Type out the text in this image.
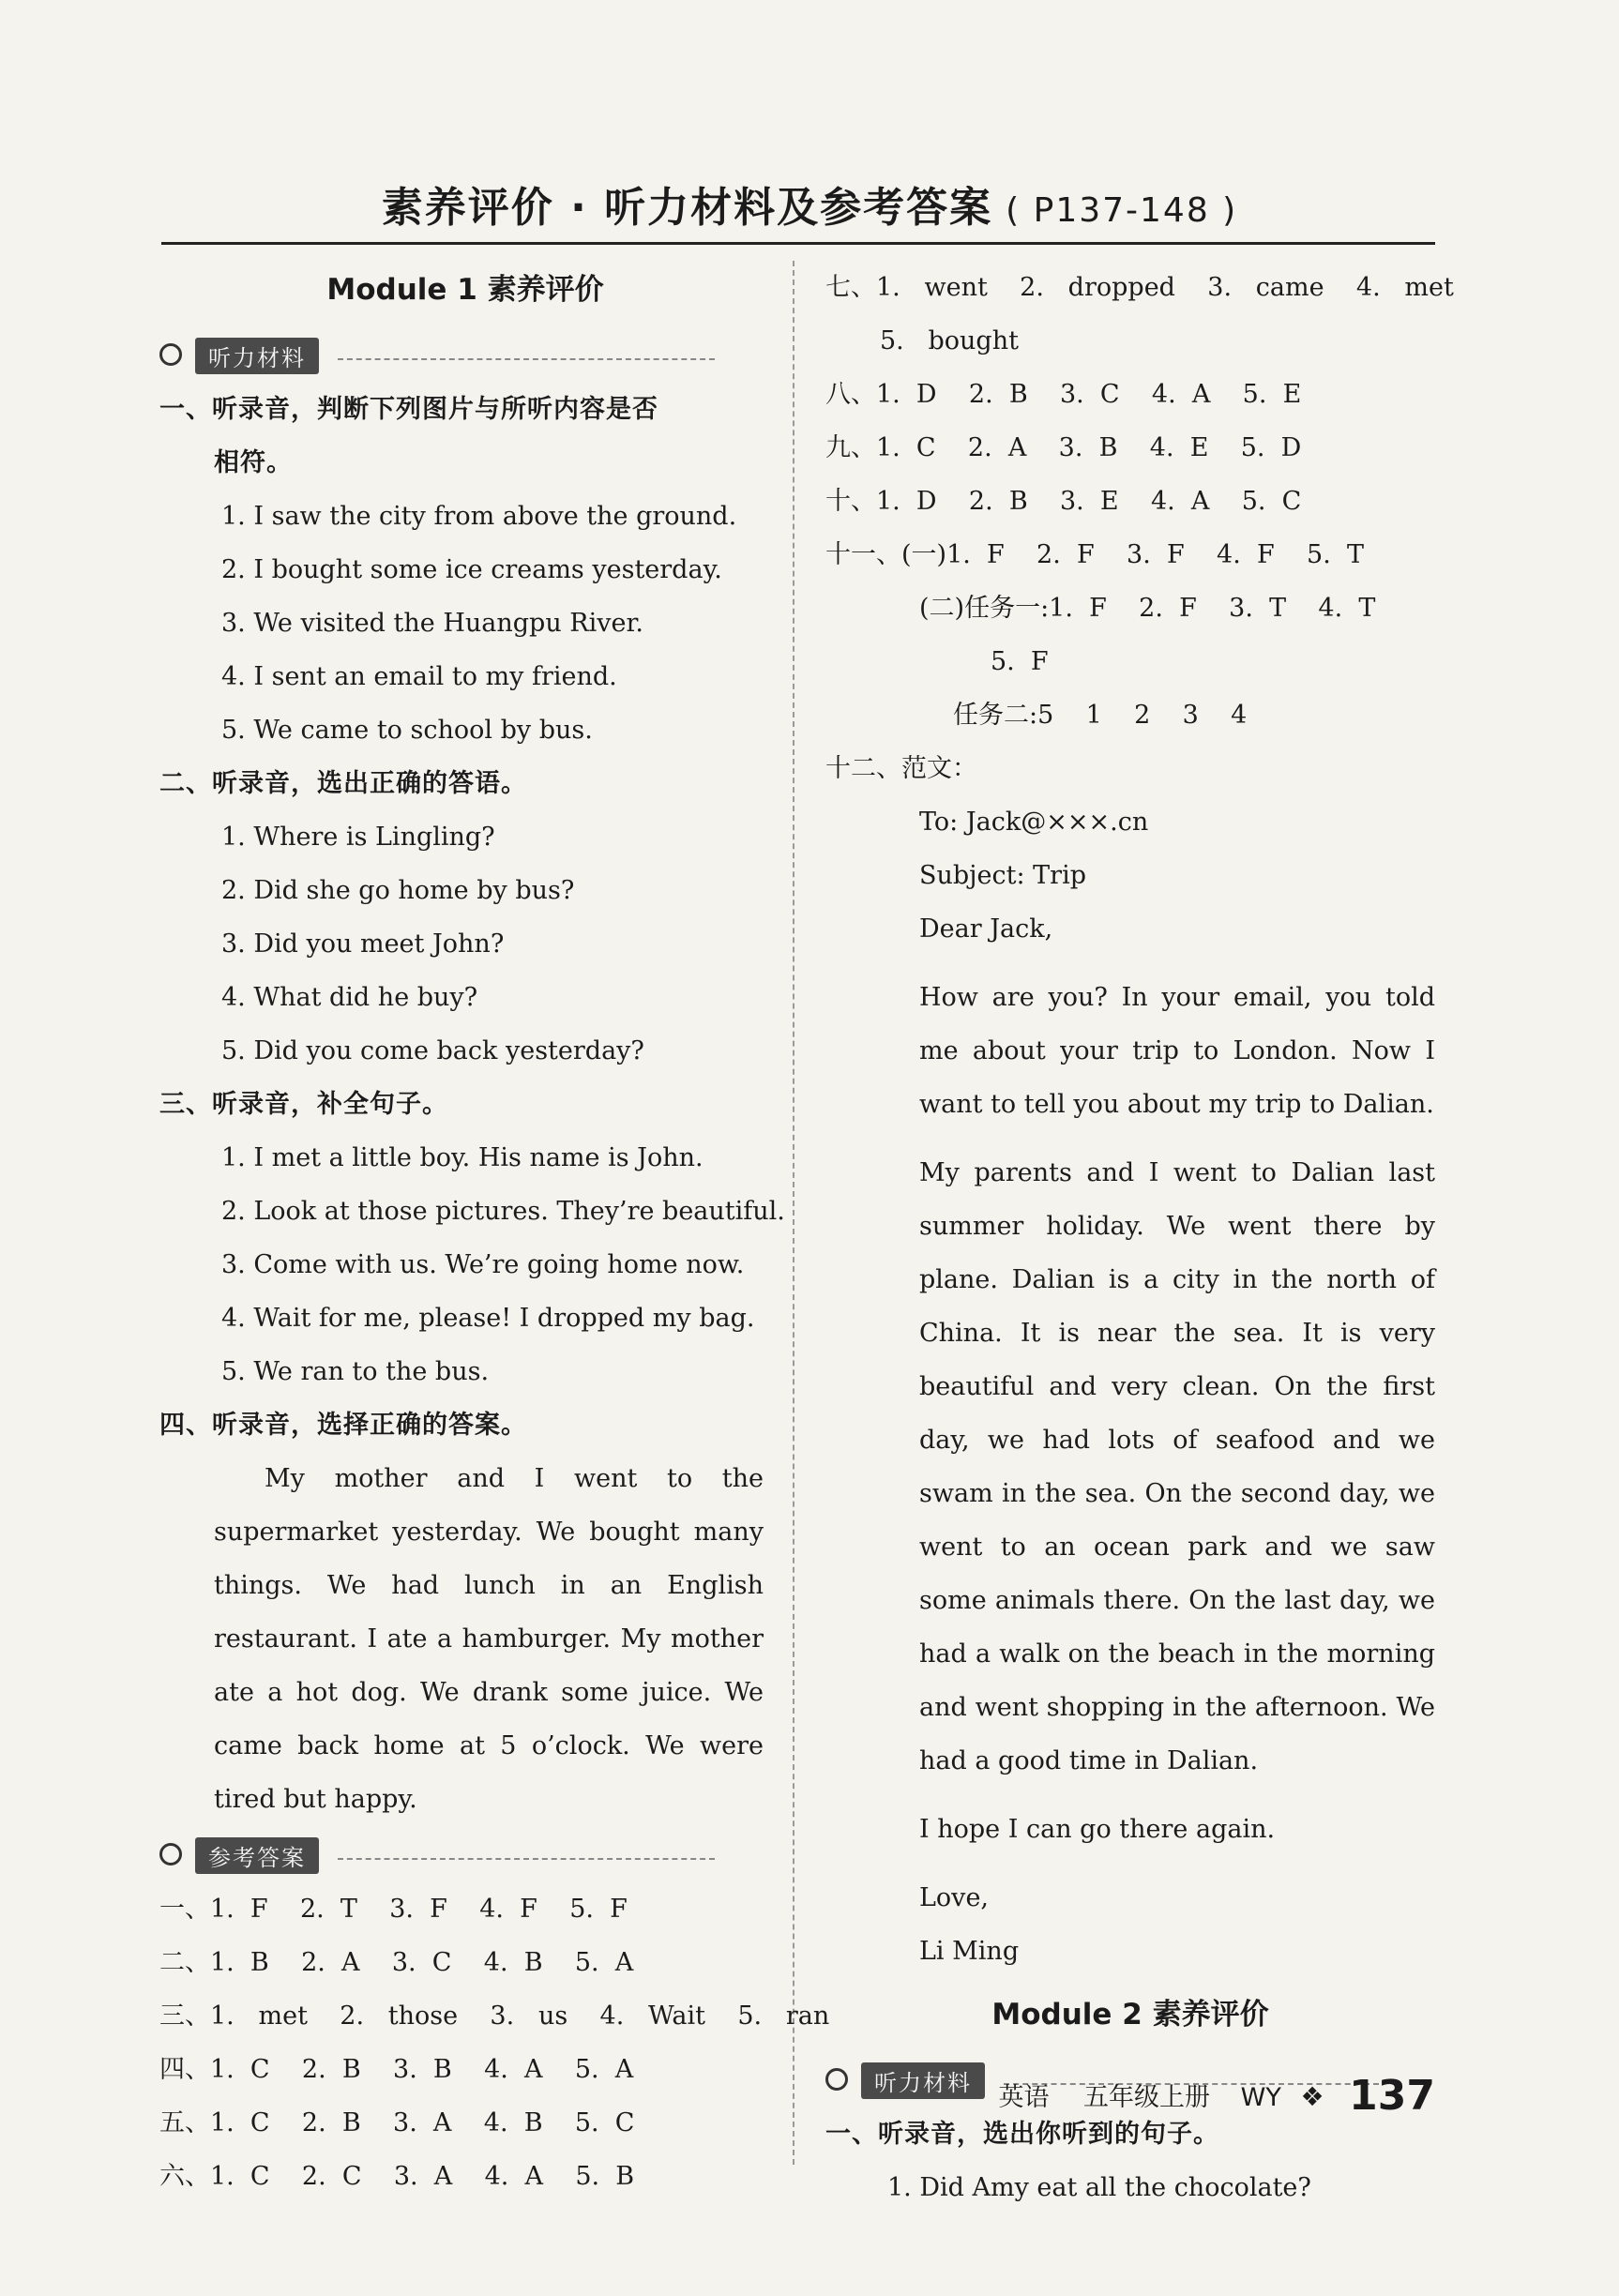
素养评价 · 听力材料及参考答案 ( P137-148 )
Module 1 素养评价
听力材料
一、听录音，判断下列图片与所听内容是否
相符。
1. I saw the city from above the ground.
2. I bought some ice creams yesterday.
3. We visited the Huangpu River.
4. I sent an email to my friend.
5. We came to school by bus.
二、听录音，选出正确的答语。
1. Where is Lingling?
2. Did she go home by bus?
3. Did you meet John?
4. What did he buy?
5. Did you come back yesterday?
三、听录音，补全句子。
1. I met a little boy. His name is John.
2. Look at those pictures. They’re beautiful.
3. Come with us. We’re going home now.
4. Wait for me, please! I dropped my bag.
5. We ran to the bus.
四、听录音，选择正确的答案。
My mother and I went to the supermarket yesterday. We bought many things. We had lunch in an English restaurant. I ate a hamburger. My mother ate a hot dog. We drank some juice. We came back home at 5 o’clock. We were tired but happy.
参考答案
一、1.  F    2.  T    3.  F    4.  F    5.  F
二、1.  B    2.  A    3.  C    4.  B    5.  A
三、1.   met    2.   those    3.   us    4.   Wait    5.   ran
四、1.  C    2.  B    3.  B    4.  A    5.  A
五、1.  C    2.  B    3.  A    4.  B    5.  C
六、1.  C    2.  C    3.  A    4.  A    5.  B
七、1.   went    2.   dropped    3.   came    4.   met
5.   bought
八、1.  D    2.  B    3.  C    4.  A    5.  E
九、1.  C    2.  A    3.  B    4.  E    5.  D
十、1.  D    2.  B    3.  E    4.  A    5.  C
十一、(一)1.  F    2.  F    3.  F    4.  F    5.  T
(二)任务一:1.  F    2.  F    3.  T    4.  T
5.  F
任务二:5    1    2    3    4
十二、范文：
To: Jack@×××.cn
Subject: Trip
Dear Jack,
How are you? In your email, you told me about your trip to London. Now I want to tell you about my trip to Dalian.
My parents and I went to Dalian last summer holiday. We went there by plane. Dalian is a city in the north of China. It is near the sea. It is very beautiful and very clean. On the first day, we had lots of seafood and we swam in the sea. On the second day, we went to an ocean park and we saw some animals there. On the last day, we had a walk on the beach in the morning and went shopping in the afternoon. We had a good time in Dalian.
I hope I can go there again.
Love,
Li Ming
Module 2 素养评价
听力材料
一、听录音，选出你听到的句子。
1. Did Amy eat all the chocolate?
英语 五年级上册 WY ❖ 137
